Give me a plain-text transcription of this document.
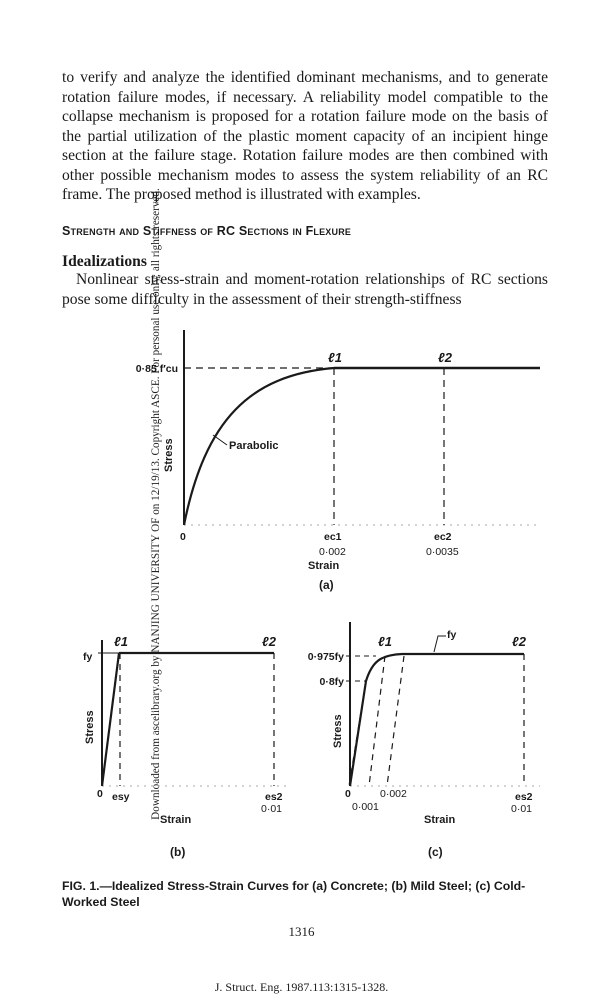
Downloaded from ascelibrary.org by NANJING UNIVERSITY OF on 12/19/13. Copyright ASCE. For personal use only; all rights reserved.

to verify and analyze the identified dominant mechanisms, and to generate rotation failure modes, if necessary. A reliability model compatible to the collapse mechanism is proposed for a rotation failure mode on the basis of the partial utilization of the plastic moment capacity of an incipient hinge section at the failure stage. Rotation failure modes are then combined with other possible mechanism modes to assess the system reliability of an RC frame. The proposed method is illustrated with examples.

Strength and Stiffness of RC Sections in Flexure
Idealizations

Nonlinear stress-strain and moment-rotation relationships of RC sections pose some difficulty in the assessment of their strength-stiffness

0·85 f′cu
ℓ1	ℓ2
Parabolic
Stress
0	ec1
0·002
ec2
0·0035
Strain
(a)
fy
ℓ1	ℓ2
Stress
0 esy	es2
0·01
Strain
(b)
fy
0·975fy
0·8fy
ℓ1	ℓ2
Stress
0	0·002
0·001
es2
0·01
Strain
(c)
FIG. 1.—Idealized Stress-Strain Curves for (a) Concrete; (b) Mild Steel; (c) Cold-Worked Steel
1316
J. Struct. Eng. 1987.113:1315-1328.
